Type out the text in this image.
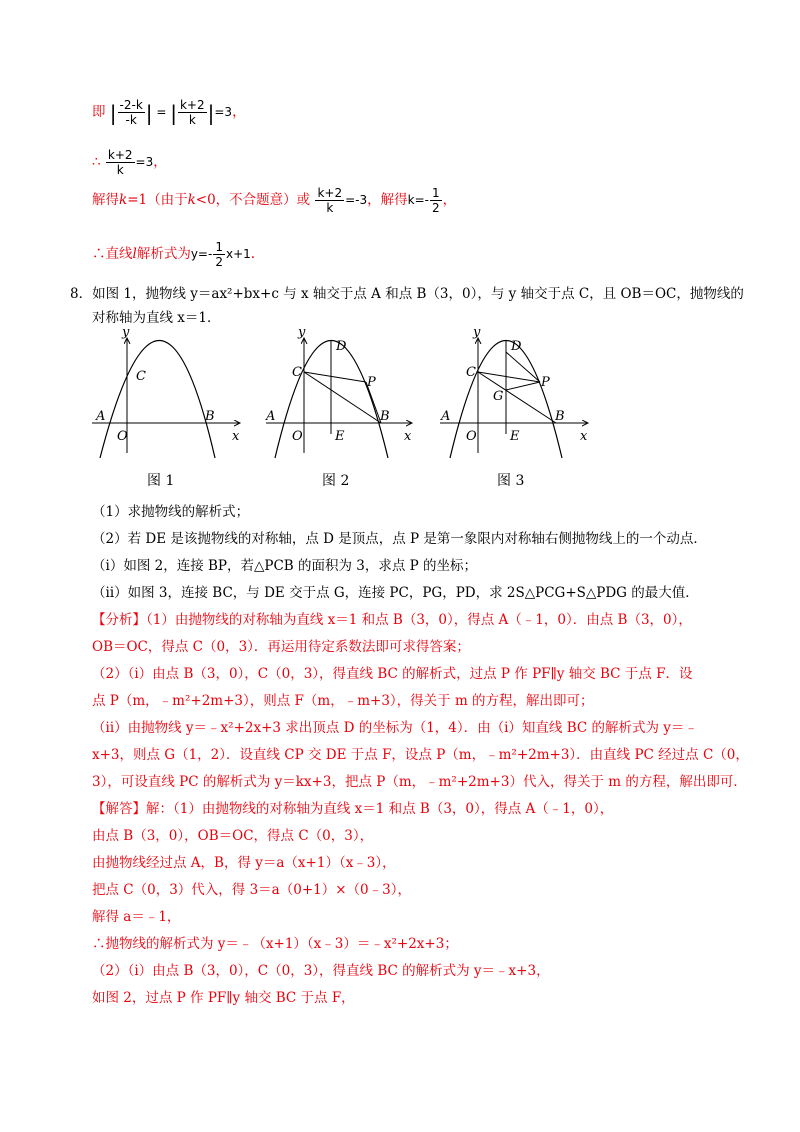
即 | $\frac{-2-k}{-k}$ | = | $\frac{k+2}{k} |=3$，
∴ $\frac{k+2}{k} =3$，
解得k=1（由于k<0，不合题意）或 $\frac{k+2}{k} =-3$，解得$k=- \frac{1}{2}$ ，
∴直线l解析式为$y=- \frac{1}{2} x+1$.
8．如图 1，抛物线 y＝ax²+bx+c 与 x 轴交于点 A 和点 B（3，0），与 y 轴交于点 C，且 OB＝OC，抛物线的
对称轴为直线 x＝1．
y
x
O
A	B
C
y
x
O
A	B
C
D
E
P
y
x
O
A	B
C
D
E
P
G
图 1	图 2	图 3
（1）求抛物线的解析式；
（2）若 DE 是该抛物线的对称轴，点 D 是顶点，点 P 是第一象限内对称轴右侧抛物线上的一个动点．
（ⅰ）如图 2，连接 BP，若△PCB 的面积为 3，求点 P 的坐标；
（ⅱ）如图 3，连接 BC，与 DE 交于点 G，连接 PC，PG，PD，求 2S△PCG+S△PDG 的最大值．
【分析】（1）由抛物线的对称轴为直线 x＝1 和点 B（3，0），得点 A（﹣1，0）．由点 B（3，0），
OB＝OC，得点 C（0，3）．再运用待定系数法即可求得答案；
（2）（ⅰ）由点 B（3，0），C（0，3），得直线 BC 的解析式，过点 P 作 PF∥y 轴交 BC 于点 F．设
点 P（m，﹣m²+2m+3），则点 F（m，﹣m+3），得关于 m 的方程，解出即可；
（ⅱ）由抛物线 y＝﹣x²+2x+3 求出顶点 D 的坐标为（1，4）．由（ⅰ）知直线 BC 的解析式为 y＝﹣
x+3，则点 G（1，2）．设直线 CP 交 DE 于点 F，设点 P（m，﹣m²+2m+3）．由直线 PC 经过点 C（0，
3），可设直线 PC 的解析式为 y＝kx+3，把点 P（m，﹣m²+2m+3）代入，得关于 m 的方程，解出即可．
【解答】解：（1）由抛物线的对称轴为直线 x＝1 和点 B（3，0），得点 A（﹣1，0），
由点 B（3，0），OB＝OC，得点 C（0，3），
由抛物线经过点 A，B，得 y＝a（x+1）（x﹣3），
把点 C（0，3）代入，得 3＝a（0+1）×（0﹣3），
解得 a＝﹣1，
∴抛物线的解析式为 y＝﹣（x+1）（x﹣3）＝﹣x²+2x+3；
（2）（ⅰ）由点 B（3，0），C（0，3），得直线 BC 的解析式为 y＝﹣x+3，
如图 2，过点 P 作 PF∥y 轴交 BC 于点 F，
